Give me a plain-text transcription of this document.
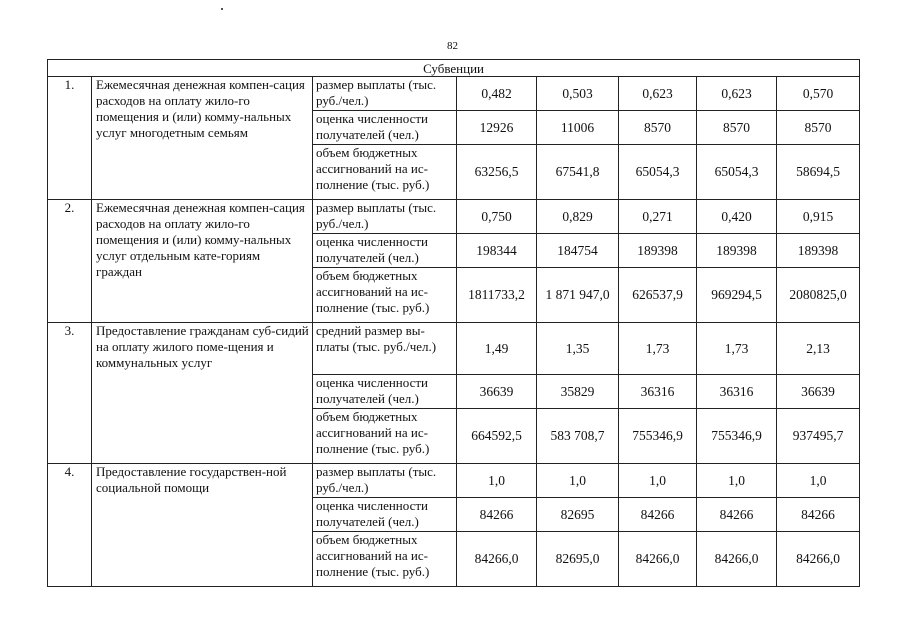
82
Субвенции							
1.	Ежемесячная денежная компен-сация расходов на оплату жило-го помещения и (или) комму-нальных услуг многодетным семьям	размер выплаты (тыс. руб./чел.)	0,482	0,503	0,623	0,623	0,570
		оценка численности получателей (чел.)	12926	11006	8570	8570	8570
		объем бюджетных ассигнований на ис-полнение (тыс. руб.)	63256,5	67541,8	65054,3	65054,3	58694,5
2.	Ежемесячная денежная компен-сация расходов на оплату жило-го помещения и (или) комму-нальных услуг отдельным кате-гориям граждан	размер выплаты (тыс. руб./чел.)	0,750	0,829	0,271	0,420	0,915
		оценка численности получателей (чел.)	198344	184754	189398	189398	189398
		объем бюджетных ассигнований на ис-полнение (тыс. руб.)	1811733,2	1 871 947,0	626537,9	969294,5	2080825,0
3.	Предоставление гражданам суб-сидий на оплату жилого поме-щения и коммунальных услуг	средний размер вы-платы (тыс. руб./чел.)	1,49	1,35	1,73	1,73	2,13
		оценка численности получателей (чел.)	36639	35829	36316	36316	36639
		объем бюджетных ассигнований на ис-полнение (тыс. руб.)	664592,5	583 708,7	755346,9	755346,9	937495,7
4.	Предоставление государствен-ной социальной помощи	размер выплаты (тыс. руб./чел.)	1,0	1,0	1,0	1,0	1,0
		оценка численности получателей (чел.)	84266	82695	84266	84266	84266
		объем бюджетных ассигнований на ис-полнение (тыс. руб.)	84266,0	82695,0	84266,0	84266,0	84266,0
